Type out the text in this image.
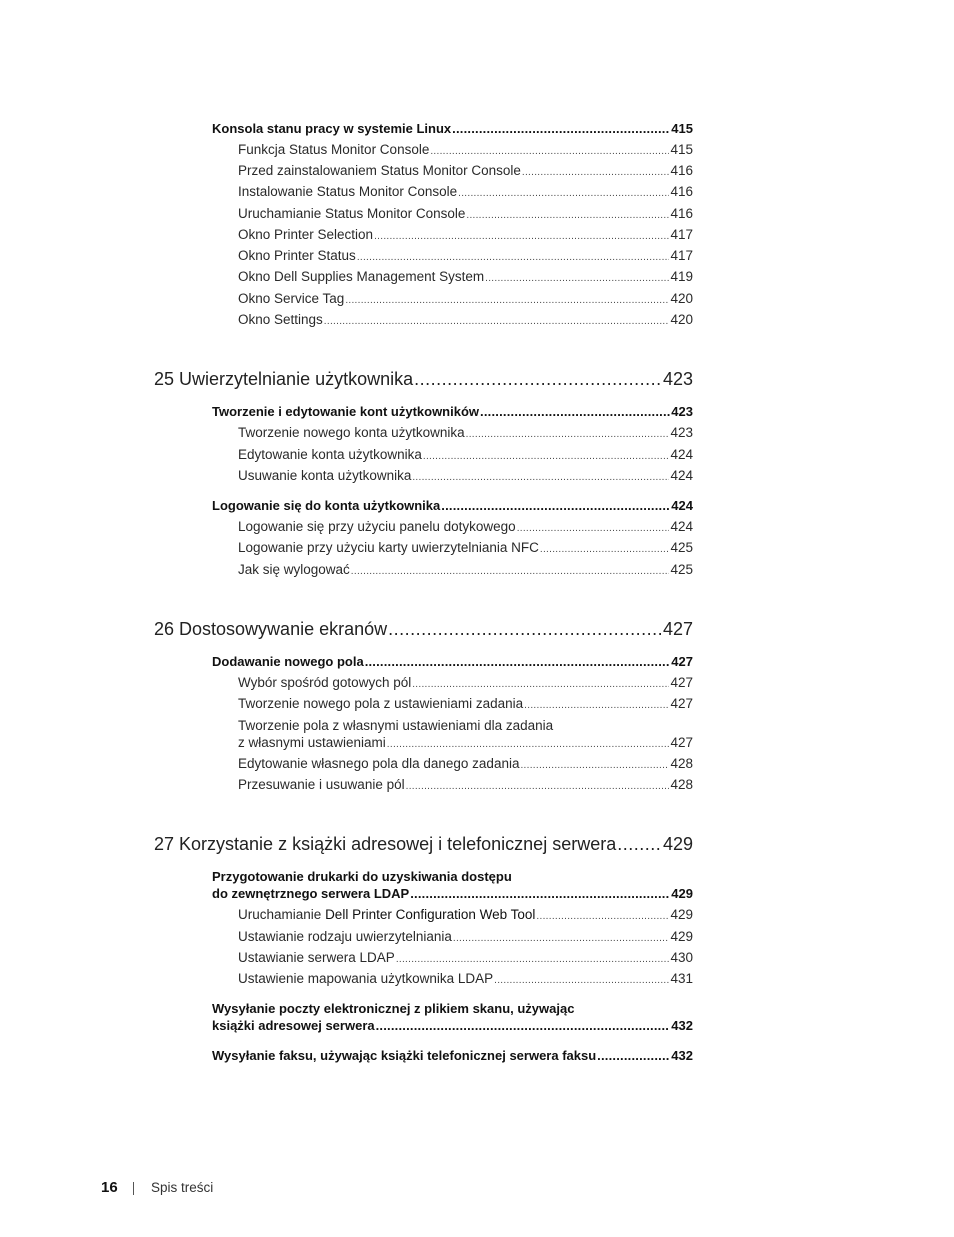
Konsola stanu pracy w systemie Linux .....	415
Funkcja Status Monitor Console .....	415
Przed zainstalowaniem Status Monitor Console .....	416
Instalowanie Status Monitor Console .....	416
Uruchamianie Status Monitor Console .....	416
Okno Printer Selection .....	417
Okno Printer Status .....	417
Okno Dell Supplies Management System .....	419
Okno Service Tag .....	420
Okno Settings .....	420
25 Uwierzytelnianie użytkownika .....	423
Tworzenie i edytowanie kont użytkowników .....	423
Tworzenie nowego konta użytkownika .....	423
Edytowanie konta użytkownika .....	424
Usuwanie konta użytkownika .....	424
Logowanie się do konta użytkownika .....	424
Logowanie się przy użyciu panelu dotykowego .....	424
Logowanie przy użyciu karty uwierzytelniania NFC .....	425
Jak się wylogować .....	425
26 Dostosowywanie ekranów .....	427
Dodawanie nowego pola .....	427
Wybór spośród gotowych pól .....	427
Tworzenie nowego pola z ustawieniami zadania .....	427
Tworzenie pola z własnymi ustawieniami dla zadania
z własnymi ustawieniami .....	427
Edytowanie własnego pola dla danego zadania .....	428
Przesuwanie i usuwanie pól .....	428
27 Korzystanie z książki adresowej i telefonicznej serwera .....	429
Przygotowanie drukarki do uzyskiwania dostępu
do zewnętrznego serwera LDAP .....	429
Uruchamianie Dell Printer Configuration Web Tool .....	429
Ustawianie rodzaju uwierzytelniania .....	429
Ustawianie serwera LDAP .....	430
Ustawienie mapowania użytkownika LDAP .....	431
Wysyłanie poczty elektronicznej z plikiem skanu, używając
książki adresowej serwera .....	432
Wysyłanie faksu, używając książki telefonicznej serwera faksu .....	432
16 Spis treści
